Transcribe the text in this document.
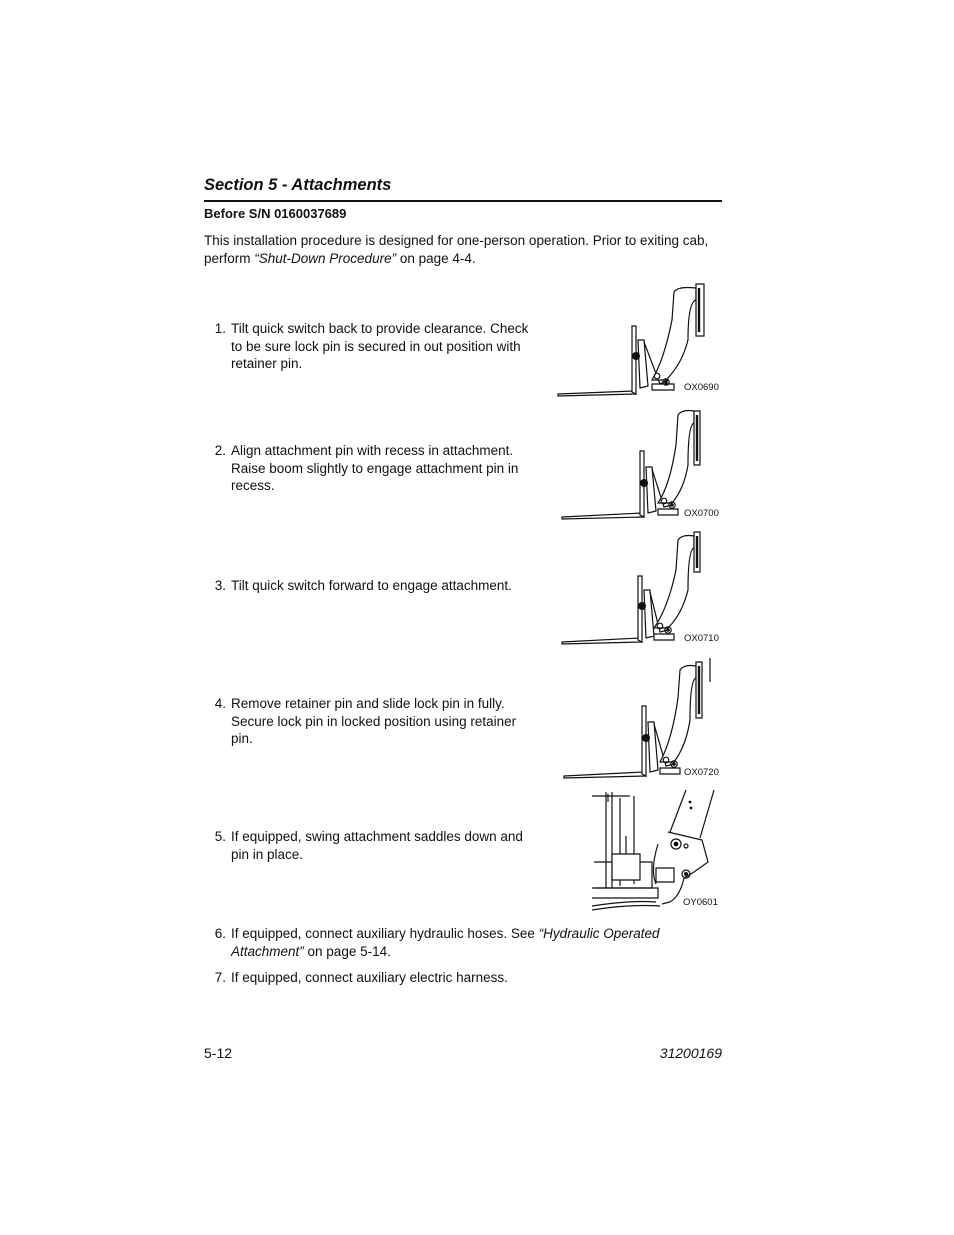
Section 5 - Attachments
Before S/N 0160037689
This installation procedure is designed for one-person operation. Prior to exiting cab, perform “Shut-Down Procedure” on page 4-4.
1. Tilt quick switch back to provide clearance. Check
to be sure lock pin is secured in out position with
retainer pin.
2. Align attachment pin with recess in attachment.
Raise boom slightly to engage attachment pin in
recess.
3. Tilt quick switch forward to engage attachment.
4. Remove retainer pin and slide lock pin in fully.
Secure lock pin in locked position using retainer
pin.
5. If equipped, swing attachment saddles down and
pin in place.
6. If equipped, connect auxiliary hydraulic hoses. See “Hydraulic Operated
Attachment” on page 5-14.
7. If equipped, connect auxiliary electric harness.
OX0690
OX0700
OX0710
OX0720
OY0601
5-12	31200169
